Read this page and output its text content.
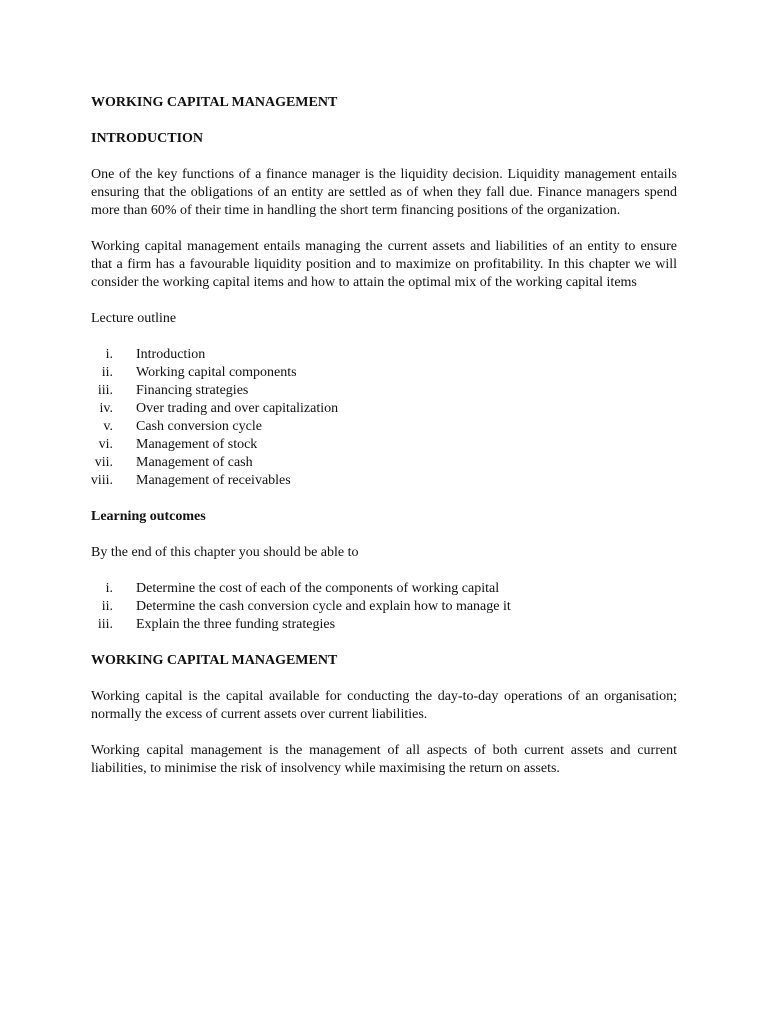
WORKING CAPITAL MANAGEMENT
INTRODUCTION

One of the key functions of a finance manager is the liquidity decision. Liquidity management entails ensuring that the obligations of an entity are settled as of when they fall due. Finance managers spend more than 60% of their time in handling the short term financing positions of the organization.

Working capital management entails managing the current assets and liabilities of an entity to ensure that a firm has a favourable liquidity position and to maximize on profitability. In this chapter we will consider the working capital items and how to attain the optimal mix of the working capital items

Lecture outline

i. Introduction
ii. Working capital components
iii. Financing strategies
iv. Over trading and over capitalization
v. Cash conversion cycle
vi. Management of stock
vii. Management of cash
viii. Management of receivables
Learning outcomes

By the end of this chapter you should be able to

i. Determine the cost of each of the components of working capital
ii. Determine the cash conversion cycle and explain how to manage it
iii. Explain the three funding strategies
WORKING CAPITAL MANAGEMENT

Working capital is the capital available for conducting the day-to-day operations of an organisation; normally the excess of current assets over current liabilities.

Working capital management is the management of all aspects of both current assets and current liabilities, to minimise the risk of insolvency while maximising the return on assets.
